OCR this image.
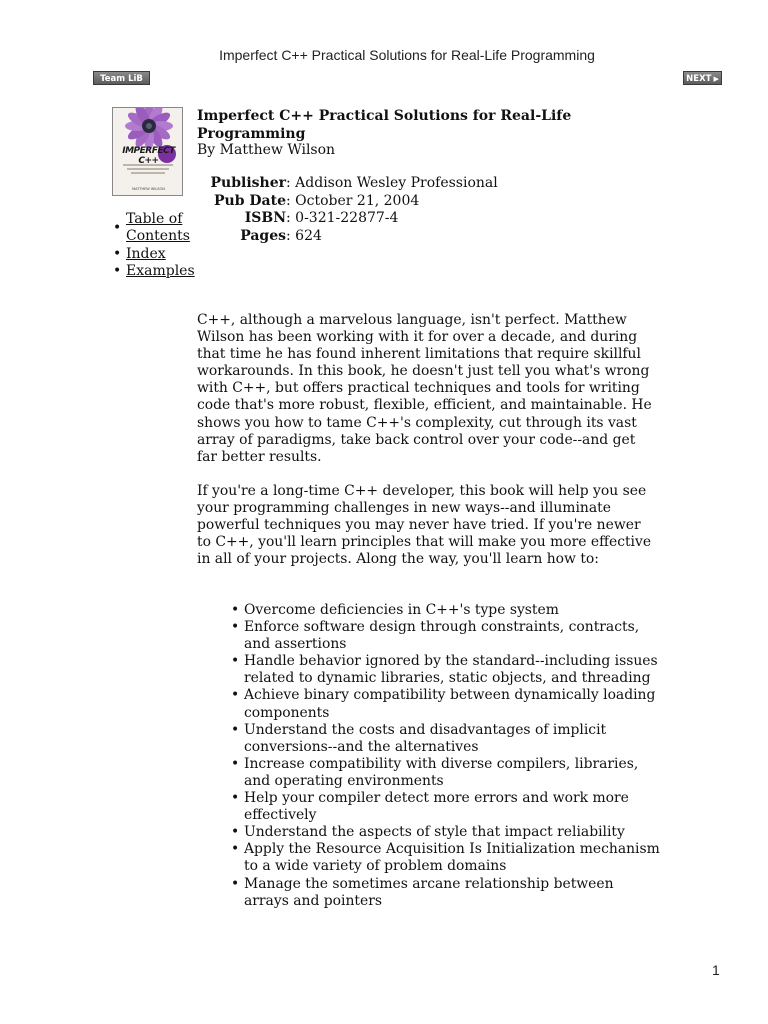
Imperfect C++ Practical Solutions for Real-Life Programming
Team LiB	NEXT ▶
IMPERFECT C++
MATTHEW WILSON
Imperfect C++ Practical Solutions for Real-Life Programming
By Matthew Wilson
Publisher : Addison Wesley Professional
Pub Date : October 21, 2004
ISBN : 0-321-22877-4
Pages : 624
• Table of Contents
• Index
• Examples

C++, although a marvelous language, isn't perfect. Matthew Wilson has been working with it for over a decade, and during that time he has found inherent limitations that require skillful workarounds. In this book, he doesn't just tell you what's wrong with C++, but offers practical techniques and tools for writing code that's more robust, flexible, efficient, and maintainable. He shows you how to tame C++'s complexity, cut through its vast array of paradigms, take back control over your code--and get far better results.

If you're a long-time C++ developer, this book will help you see your programming challenges in new ways--and illuminate powerful techniques you may never have tried. If you're newer to C++, you'll learn principles that will make you more effective in all of your projects. Along the way, you'll learn how to:

• Overcome deficiencies in C++'s type system
• Enforce software design through constraints, contracts, and assertions
• Handle behavior ignored by the standard--including issues related to dynamic libraries, static objects, and threading
• Achieve binary compatibility between dynamically loading components
• Understand the costs and disadvantages of implicit conversions--and the alternatives
• Increase compatibility with diverse compilers, libraries, and operating environments
• Help your compiler detect more errors and work more effectively
• Understand the aspects of style that impact reliability
• Apply the Resource Acquisition Is Initialization mechanism to a wide variety of problem domains
• Manage the sometimes arcane relationship between arrays and pointers
1
